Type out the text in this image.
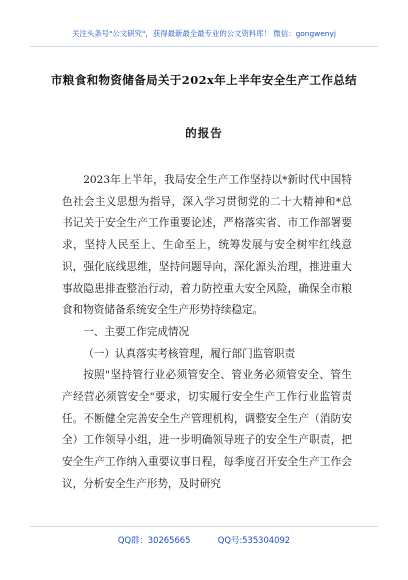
关注头条号"公文研究"，获得最新最全最专业的公文资料库！ 微信：gongwenyj
市粮食和物资储备局关于202x年上半年安全生产工作总结
的报告

2023年上半年，我局安全生产工作坚持以*新时代中国特色社会主义思想为指导，深入学习贯彻党的二十大精神和*总书记关于安全生产工作重要论述，严格落实省、市工作部署要求，坚持人民至上、生命至上，统筹发展与安全树牢红线意识，强化底线思维，坚持问题导向，深化源头治理，推进重大事故隐患排查整治行动，着力防控重大安全风险，确保全市粮食和物资储备系统安全生产形势持续稳定。

一、主要工作完成情况

（一）认真落实考核管理，履行部门监管职责

按照"坚持管行业必须管安全、管业务必须管安全、管生产经营必须管安全"要求，切实履行安全生产工作行业监管责任。不断健全完善安全生产管理机构，调整安全生产（消防安全）工作领导小组，进一步明确领导班子的安全生产职责，把安全生产工作纳入重要议事日程，每季度召开安全生产工作会议，分析安全生产形势，及时研究

QQ群：30265665	QQ号:535304092
